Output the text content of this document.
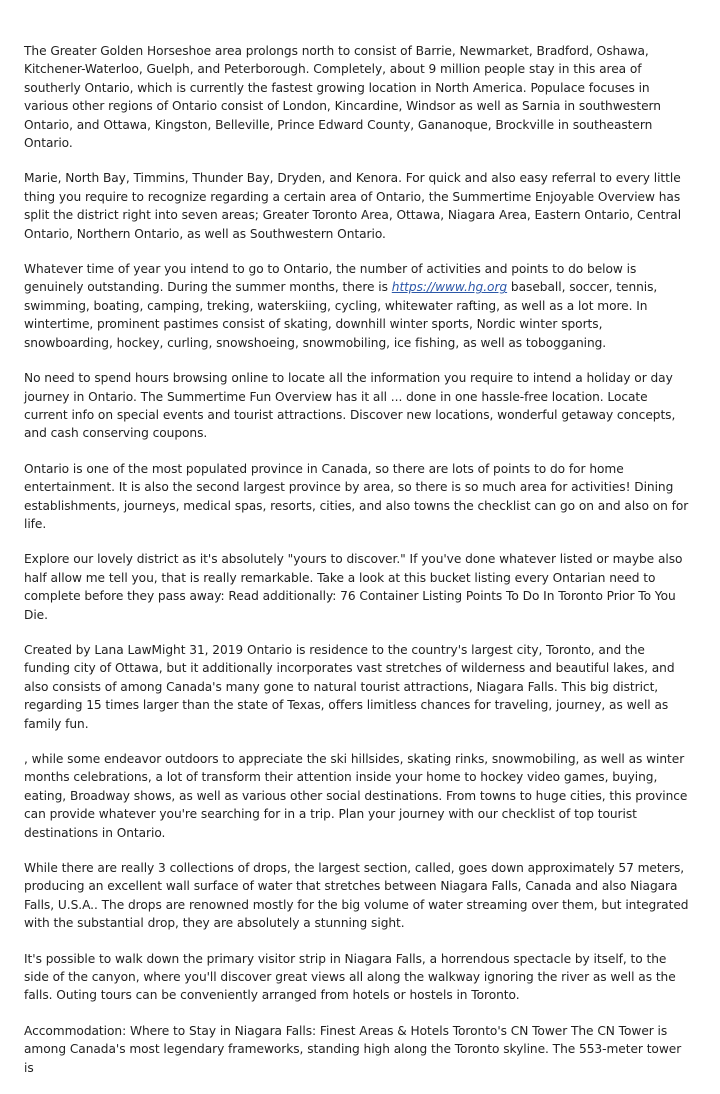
The Greater Golden Horseshoe area prolongs north to consist of Barrie, Newmarket, Bradford, Oshawa, Kitchener-Waterloo, Guelph, and Peterborough. Completely, about 9 million people stay in this area of southerly Ontario, which is currently the fastest growing location in North America. Populace focuses in various other regions of Ontario consist of London, Kincardine, Windsor as well as Sarnia in southwestern Ontario, and Ottawa, Kingston, Belleville, Prince Edward County, Gananoque, Brockville in southeastern Ontario.

Marie, North Bay, Timmins, Thunder Bay, Dryden, and Kenora. For quick and also easy referral to every little thing you require to recognize regarding a certain area of Ontario, the Summertime Enjoyable Overview has split the district right into seven areas; Greater Toronto Area, Ottawa, Niagara Area, Eastern Ontario, Central Ontario, Northern Ontario, as well as Southwestern Ontario.

Whatever time of year you intend to go to Ontario, the number of activities and points to do below is genuinely outstanding. During the summer months, there is https://www.hg.org baseball, soccer, tennis, swimming, boating, camping, treking, waterskiing, cycling, whitewater rafting, as well as a lot more. In wintertime, prominent pastimes consist of skating, downhill winter sports, Nordic winter sports, snowboarding, hockey, curling, snowshoeing, snowmobiling, ice fishing, as well as tobogganing.

No need to spend hours browsing online to locate all the information you require to intend a holiday or day journey in Ontario. The Summertime Fun Overview has it all ... done in one hassle-free location. Locate current info on special events and tourist attractions. Discover new locations, wonderful getaway concepts, and cash conserving coupons.

Ontario is one of the most populated province in Canada, so there are lots of points to do for home entertainment. It is also the second largest province by area, so there is so much area for activities! Dining establishments, journeys, medical spas, resorts, cities, and also towns the checklist can go on and also on for life.

Explore our lovely district as it's absolutely "yours to discover." If you've done whatever listed or maybe also half allow me tell you, that is really remarkable. Take a look at this bucket listing every Ontarian need to complete before they pass away: Read additionally: 76 Container Listing Points To Do In Toronto Prior To You Die.

Created by Lana LawMight 31, 2019 Ontario is residence to the country's largest city, Toronto, and the funding city of Ottawa, but it additionally incorporates vast stretches of wilderness and beautiful lakes, and also consists of among Canada's many gone to natural tourist attractions, Niagara Falls. This big district, regarding 15 times larger than the state of Texas, offers limitless chances for traveling, journey, as well as family fun.

, while some endeavor outdoors to appreciate the ski hillsides, skating rinks, snowmobiling, as well as winter months celebrations, a lot of transform their attention inside your home to hockey video games, buying, eating, Broadway shows, as well as various other social destinations. From towns to huge cities, this province can provide whatever you're searching for in a trip. Plan your journey with our checklist of top tourist destinations in Ontario.

While there are really 3 collections of drops, the largest section, called, goes down approximately 57 meters, producing an excellent wall surface of water that stretches between Niagara Falls, Canada and also Niagara Falls, U.S.A.. The drops are renowned mostly for the big volume of water streaming over them, but integrated with the substantial drop, they are absolutely a stunning sight.

It's possible to walk down the primary visitor strip in Niagara Falls, a horrendous spectacle by itself, to the side of the canyon, where you'll discover great views all along the walkway ignoring the river as well as the falls. Outing tours can be conveniently arranged from hotels or hostels in Toronto.

Accommodation: Where to Stay in Niagara Falls: Finest Areas & Hotels Toronto's CN Tower The CN Tower is among Canada's most legendary frameworks, standing high along the Toronto skyline. The 553-meter tower is
